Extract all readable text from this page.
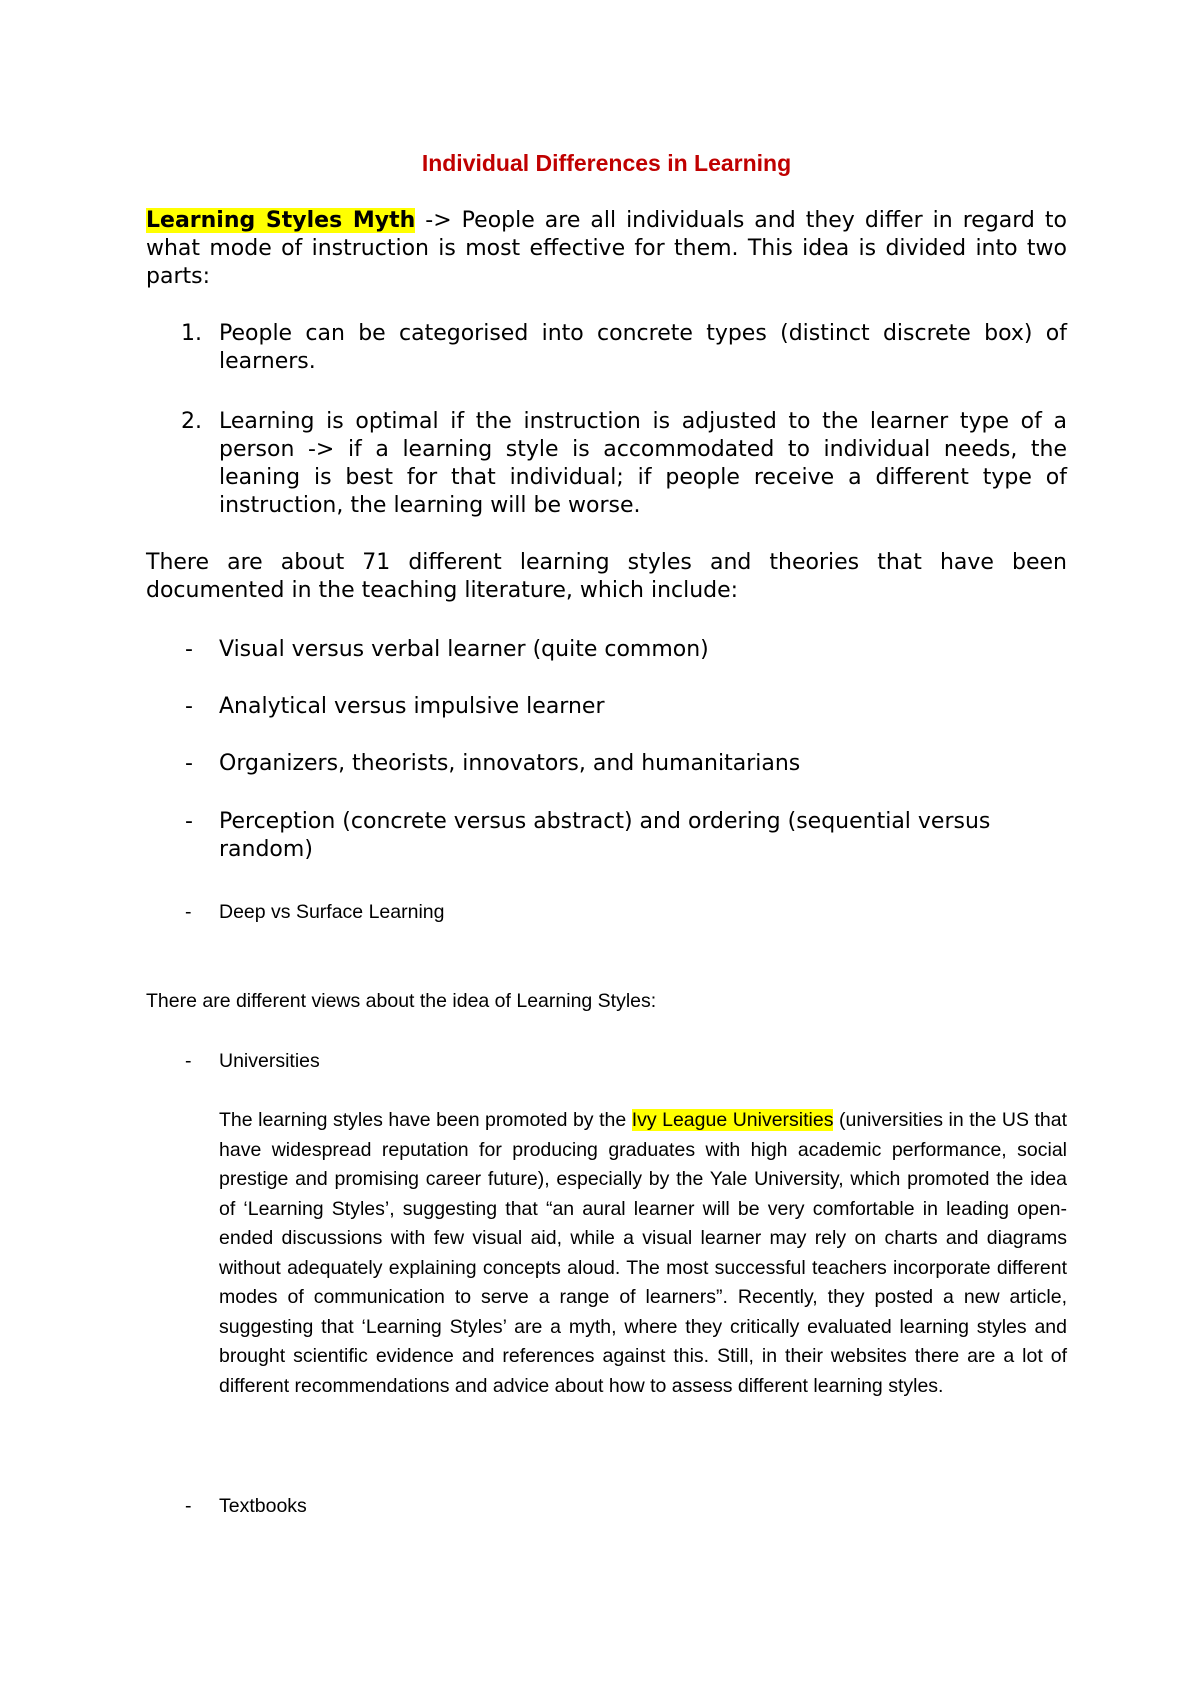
Individual Differences in Learning
Learning Styles Myth -> People are all individuals and they differ in regard to what mode of instruction is most effective for them. This idea is divided into two parts:
1. People can be categorised into concrete types (distinct discrete box) of learners.
2. Learning is optimal if the instruction is adjusted to the learner type of a person -> if a learning style is accommodated to individual needs, the leaning is best for that individual; if people receive a different type of instruction, the learning will be worse.
There are about 71 different learning styles and theories that have been documented in the teaching literature, which include:
- Visual versus verbal learner (quite common)
- Analytical versus impulsive learner
- Organizers, theorists, innovators, and humanitarians
- Perception (concrete versus abstract) and ordering (sequential versus random)
- Deep vs Surface Learning
There are different views about the idea of Learning Styles:
- Universities
The learning styles have been promoted by the Ivy League Universities (universities in the US that have widespread reputation for producing graduates with high academic performance, social prestige and promising career future), especially by the Yale University, which promoted the idea of ‘Learning Styles’, suggesting that “an aural learner will be very comfortable in leading open-ended discussions with few visual aid, while a visual learner may rely on charts and diagrams without adequately explaining concepts aloud. The most successful teachers incorporate different modes of communication to serve a range of learners”. Recently, they posted a new article, suggesting that ‘Learning Styles’ are a myth, where they critically evaluated learning styles and brought scientific evidence and references against this. Still, in their websites there are a lot of different recommendations and advice about how to assess different learning styles.
- Textbooks
